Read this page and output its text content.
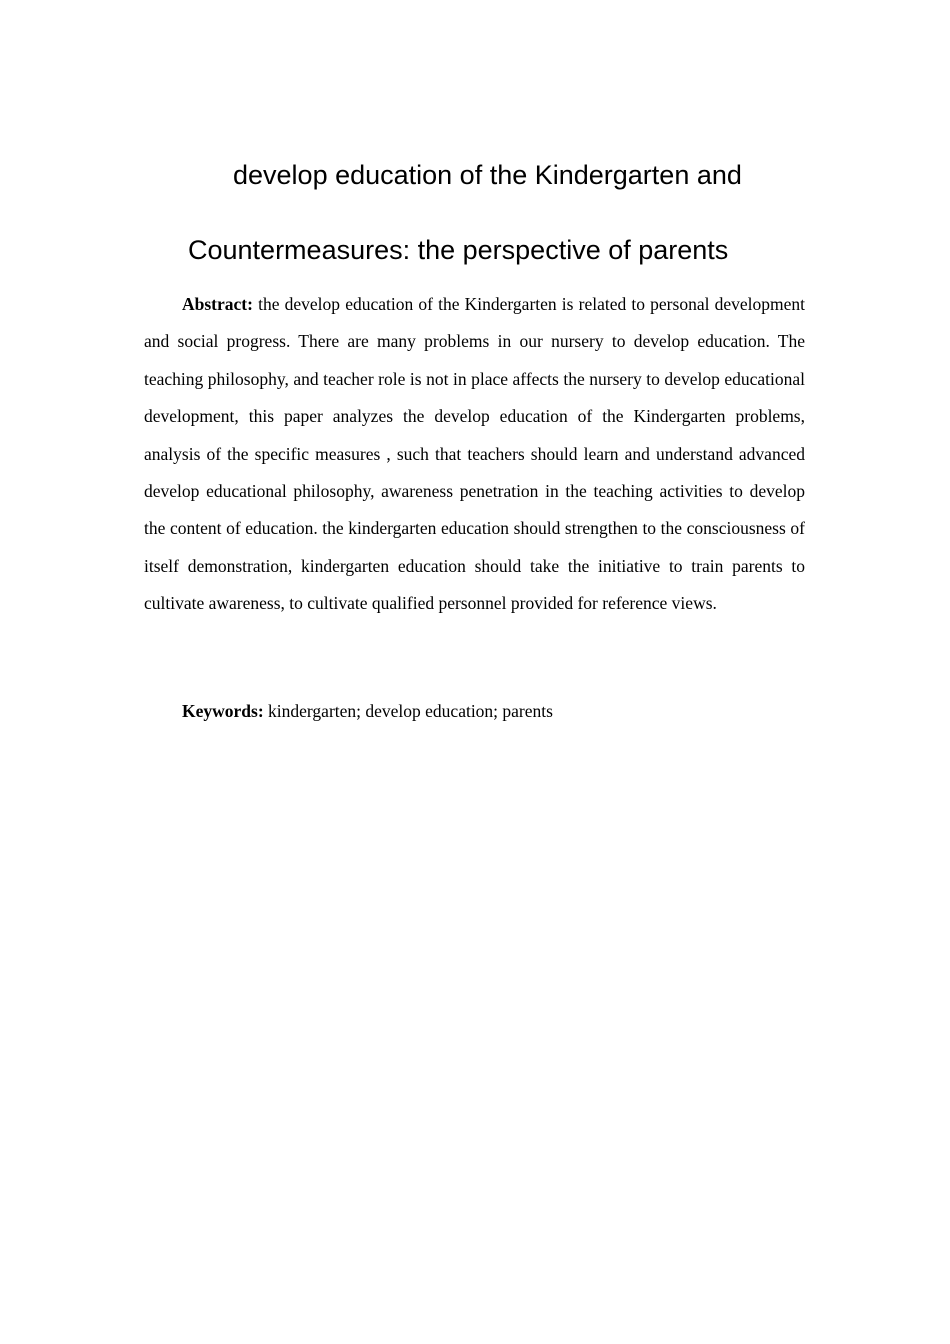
develop education of the Kindergarten and
Countermeasures: the perspective of parents

Abstract: the develop education of the Kindergarten is related to personal development and social progress. There are many problems in our nursery to develop education. The teaching philosophy, and teacher role is not in place affects the nursery to develop educational development, this paper analyzes the develop education of the Kindergarten problems, analysis of the specific measures , such that teachers should learn and understand advanced develop educational philosophy, awareness penetration in the teaching activities to develop the content of education. the kindergarten education should strengthen to the consciousness of itself demonstration, kindergarten education should take the initiative to train parents to cultivate awareness, to cultivate qualified personnel provided for reference views.

Keywords: kindergarten; develop education; parents
